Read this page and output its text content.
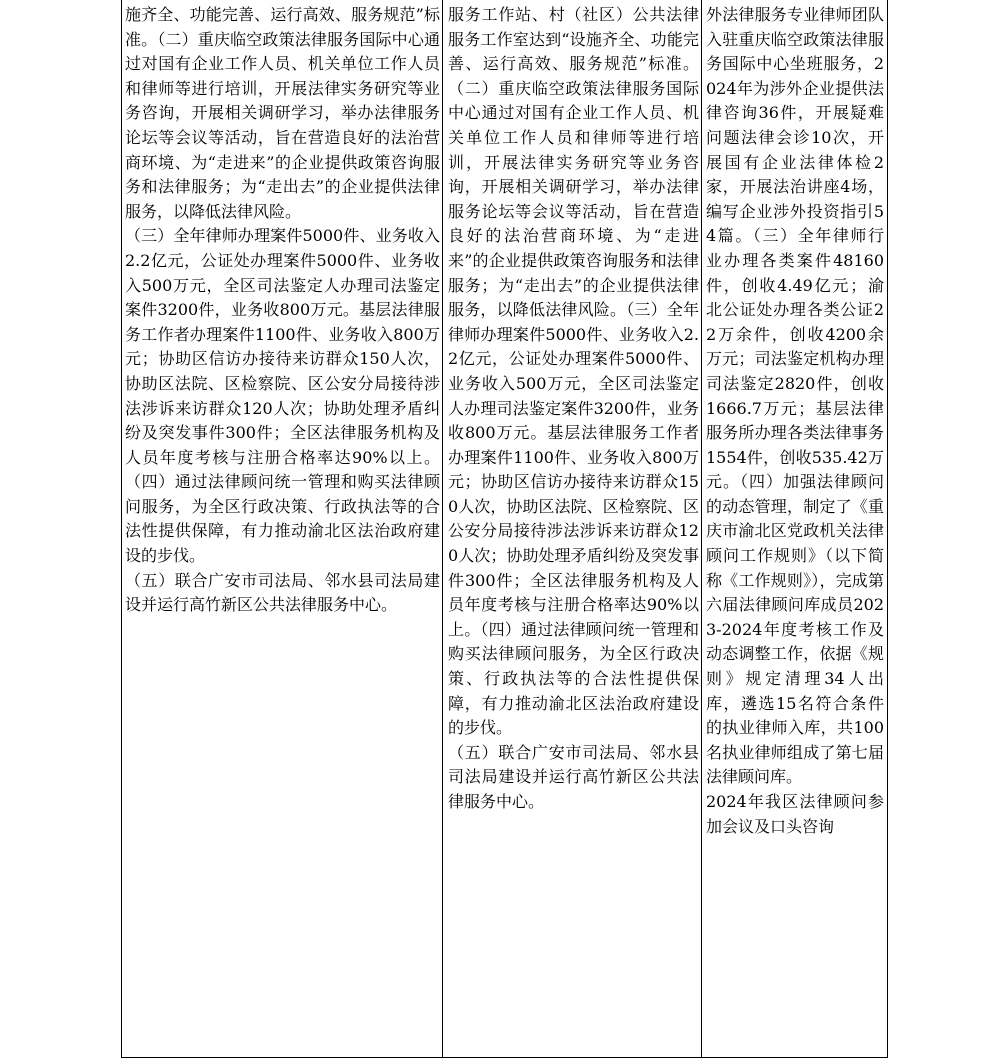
施齐全、功能完善、运行高效、服务规范”标准。（二）重庆临空政策法律服务国际中心通过对国有企业工作人员、机关单位工作人员和律师等进行培训，开展法律实务研究等业务咨询，开展相关调研学习，举办法律服务论坛等会议等活动，旨在营造良好的法治营商环境、为“走进来”的企业提供政策咨询服务和法律服务；为“走出去”的企业提供法律服务，以降低法律风险。

（三）全年律师办理案件5000件、业务收入2.2亿元，公证处办理案件5000件、业务收入500万元，全区司法鉴定人办理司法鉴定案件3200件，业务收800万元。基层法律服务工作者办理案件1100件、业务收入800万元；协助区信访办接待来访群众150人次，协助区法院、区检察院、区公安分局接待涉法涉诉来访群众120人次；协助处理矛盾纠纷及突发事件300件；全区法律服务机构及人员年度考核与注册合格率达90%以上。（四）通过法律顾问统一管理和购买法律顾问服务，为全区行政决策、行政执法等的合法性提供保障，有力推动渝北区法治政府建设的步伐。

（五）联合广安市司法局、邻水县司法局建设并运行高竹新区公共法律服务中心。

服务工作站、村（社区）公共法律服务工作室达到“设施齐全、功能完善、运行高效、服务规范”标准。（二）重庆临空政策法律服务国际中心通过对国有企业工作人员、机关单位工作人员和律师等进行培训，开展法律实务研究等业务咨询，开展相关调研学习，举办法律服务论坛等会议等活动，旨在营造良好的法治营商环境、为“走进来”的企业提供政策咨询服务和法律服务；为“走出去”的企业提供法律服务，以降低法律风险。（三）全年律师办理案件5000件、业务收入2.2亿元，公证处办理案件5000件、业务收入500万元，全区司法鉴定人办理司法鉴定案件3200件，业务收800万元。基层法律服务工作者办理案件1100件、业务收入800万元；协助区信访办接待来访群众150人次，协助区法院、区检察院、区公安分局接待涉法涉诉来访群众120人次；协助处理矛盾纠纷及突发事件300件；全区法律服务机构及人员年度考核与注册合格率达90%以上。（四）通过法律顾问统一管理和购买法律顾问服务，为全区行政决策、行政执法等的合法性提供保障，有力推动渝北区法治政府建设的步伐。

（五）联合广安市司法局、邻水县司法局建设并运行高竹新区公共法律服务中心。

外法律服务专业律师团队入驻重庆临空政策法律服务国际中心坐班服务，2024年为涉外企业提供法律咨询36件，开展疑难问题法律会诊10次，开展国有企业法律体检2家，开展法治讲座4场，编写企业涉外投资指引54篇。（三）全年律师行业办理各类案件48160件，创收4.49亿元；渝北公证处办理各类公证22万余件，创收4200余万元；司法鉴定机构办理司法鉴定2820件，创收1666.7万元；基层法律服务所办理各类法律事务1554件，创收535.42万元。（四）加强法律顾问的动态管理，制定了《重庆市渝北区党政机关法律顾问工作规则》（以下简称《工作规则》），完成第六届法律顾问库成员2023-2024年度考核工作及动态调整工作，依据《规则》规定清理34人出库，遴选15名符合条件的执业律师入库，共100名执业律师组成了第七届法律顾问库。

2024年我区法律顾问参加会议及口头咨询
